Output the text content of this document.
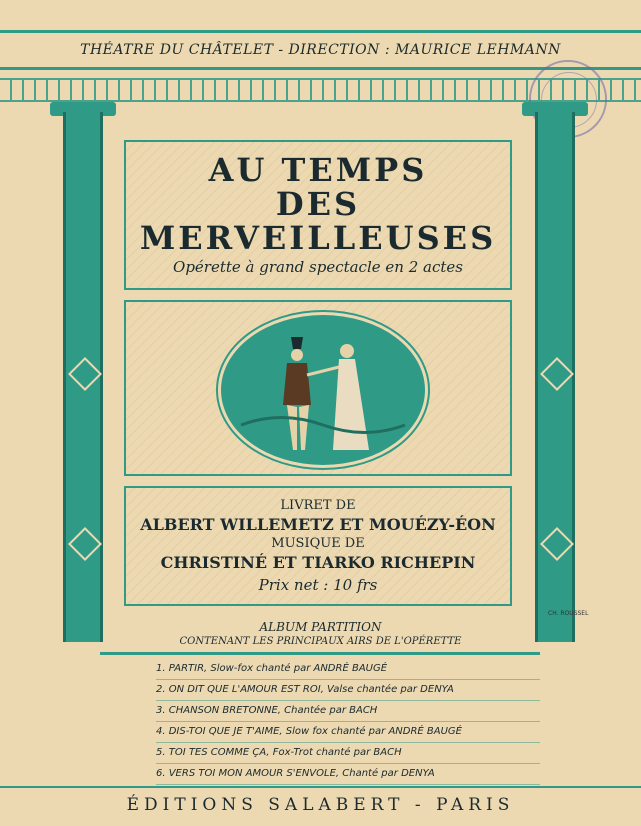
THÉATRE DU CHÂTELET - DIRECTION : MAURICE LEHMANN
AU TEMPS
DES
MERVEILLEUSES
Opérette à grand spectacle en 2 actes
LIVRET DE
ALBERT WILLEMETZ ET MOUÉZY-ÉON
MUSIQUE DE
CHRISTINÉ ET TIARKO RICHEPIN
Prix net : 10 frs
CH. ROUSSEL
ALBUM PARTITION
CONTENANT LES PRINCIPAUX AIRS DE L'OPÉRETTE
1. PARTIR, Slow-fox chanté par ANDRÉ BAUGÉ
2. ON DIT QUE L'AMOUR EST ROI, Valse chantée par DENYA
3. CHANSON BRETONNE, Chantée par BACH
4. DIS-TOI QUE JE T'AIME, Slow fox chanté par ANDRÉ BAUGÉ
5. TOI TES COMME ÇA, Fox-Trot chanté par BACH
6. VERS TOI MON AMOUR S'ENVOLE, Chanté par DENYA
ÉDITIONS SALABERT - PARIS
